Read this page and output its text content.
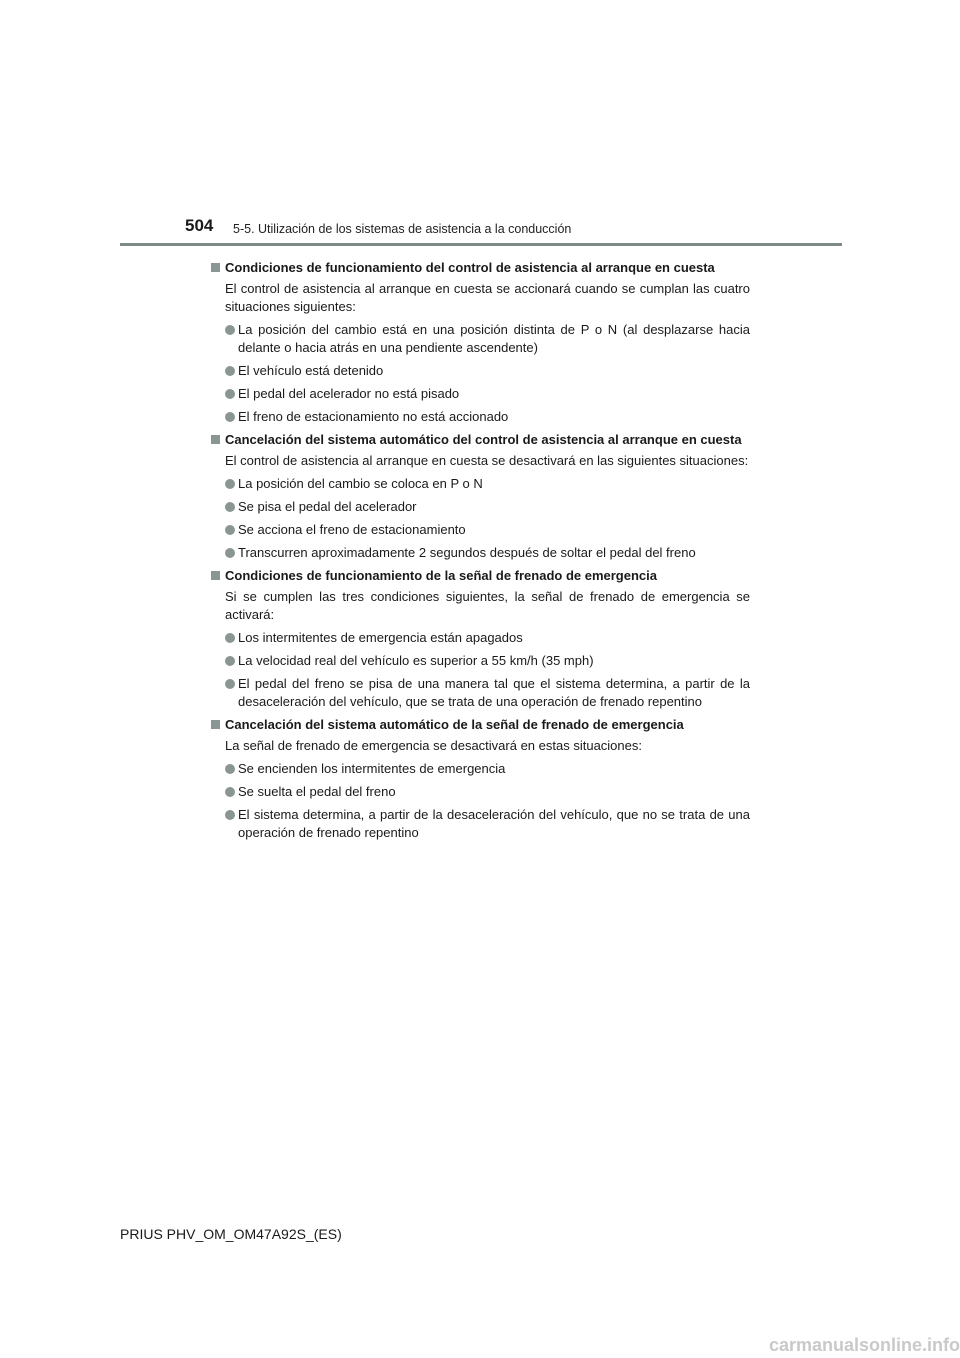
504 5-5. Utilización de los sistemas de asistencia a la conducción
Condiciones de funcionamiento del control de asistencia al arranque en cuesta
El control de asistencia al arranque en cuesta se accionará cuando se cumplan las cuatro situaciones siguientes:
La posición del cambio está en una posición distinta de P o N (al desplazarse hacia delante o hacia atrás en una pendiente ascendente)
El vehículo está detenido
El pedal del acelerador no está pisado
El freno de estacionamiento no está accionado
Cancelación del sistema automático del control de asistencia al arranque en cuesta
El control de asistencia al arranque en cuesta se desactivará en las siguientes situaciones:
La posición del cambio se coloca en P o N
Se pisa el pedal del acelerador
Se acciona el freno de estacionamiento
Transcurren aproximadamente 2 segundos después de soltar el pedal del freno
Condiciones de funcionamiento de la señal de frenado de emergencia
Si se cumplen las tres condiciones siguientes, la señal de frenado de emergencia se activará:
Los intermitentes de emergencia están apagados
La velocidad real del vehículo es superior a 55 km/h (35 mph)
El pedal del freno se pisa de una manera tal que el sistema determina, a partir de la desaceleración del vehículo, que se trata de una operación de frenado repentino
Cancelación del sistema automático de la señal de frenado de emergencia
La señal de frenado de emergencia se desactivará en estas situaciones:
Se encienden los intermitentes de emergencia
Se suelta el pedal del freno
El sistema determina, a partir de la desaceleración del vehículo, que no se trata de una operación de frenado repentino
PRIUS PHV_OM_OM47A92S_(ES)
carmanualsonline.info
